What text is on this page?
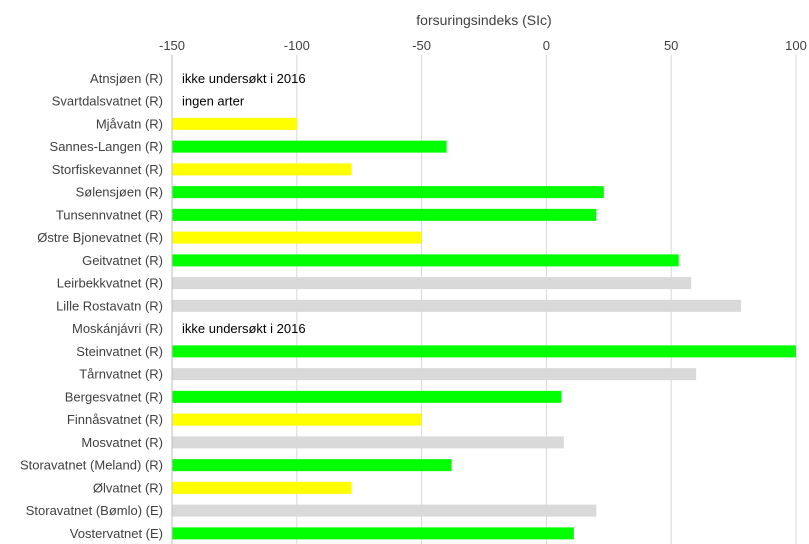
forsuringsindeks (SIc)
-150	-100	-50	0	50	100
Atnsjøen (R)
Svartdalsvatnet (R)
Mjåvatn (R)
Sannes-Langen (R)
Storfiskevannet (R)
Sølensjøen (R)
Tunsennvatnet (R)
Østre Bjonevatnet (R)
Geitvatnet (R)
Leirbekkvatnet (R)
Lille Rostavatn (R)
Moskánjávri (R)
Steinvatnet (R)
Tårnvatnet (R)
Bergesvatnet (R)
Finnåsvatnet (R)
Mosvatnet (R)
Storavatnet (Meland) (R)
Ølvatnet (R)
Storavatnet (Bømlo) (E)
Vostervatnet (E)
ikke undersøkt i 2016
ingen arter
ikke undersøkt i 2016
